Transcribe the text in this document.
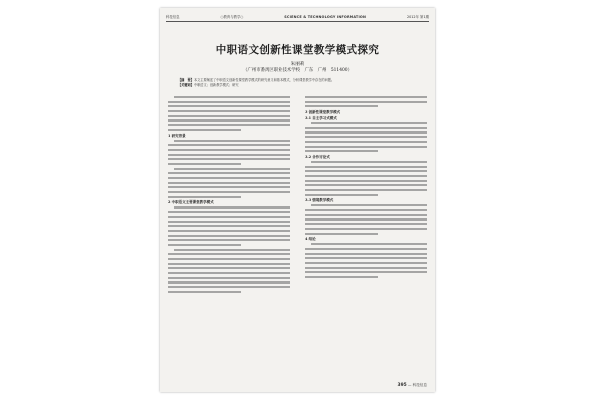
科技信息	○教育与教学○	SCIENCE & TECHNOLOGY INFORMATION	2012年 第1期
中职语文创新性课堂教学模式探究
朱丽莉
（广州市番禺区职业技术学校　广东　广州　511400）
【摘　要】本文主要阐述了中职语文创新性课堂教学模式的研究意义和基本模式，分析课堂教学中存在的问题。
【关键词】中职语文；创新教学模式；研究
1 研究背景
2 中职语文主要课堂教学模式
3 创新性课堂教学模式
3.1 自主学习式模式
3.2 合作讨论式
3.3 情境教学模式
4 结论
395 — 科技信息
